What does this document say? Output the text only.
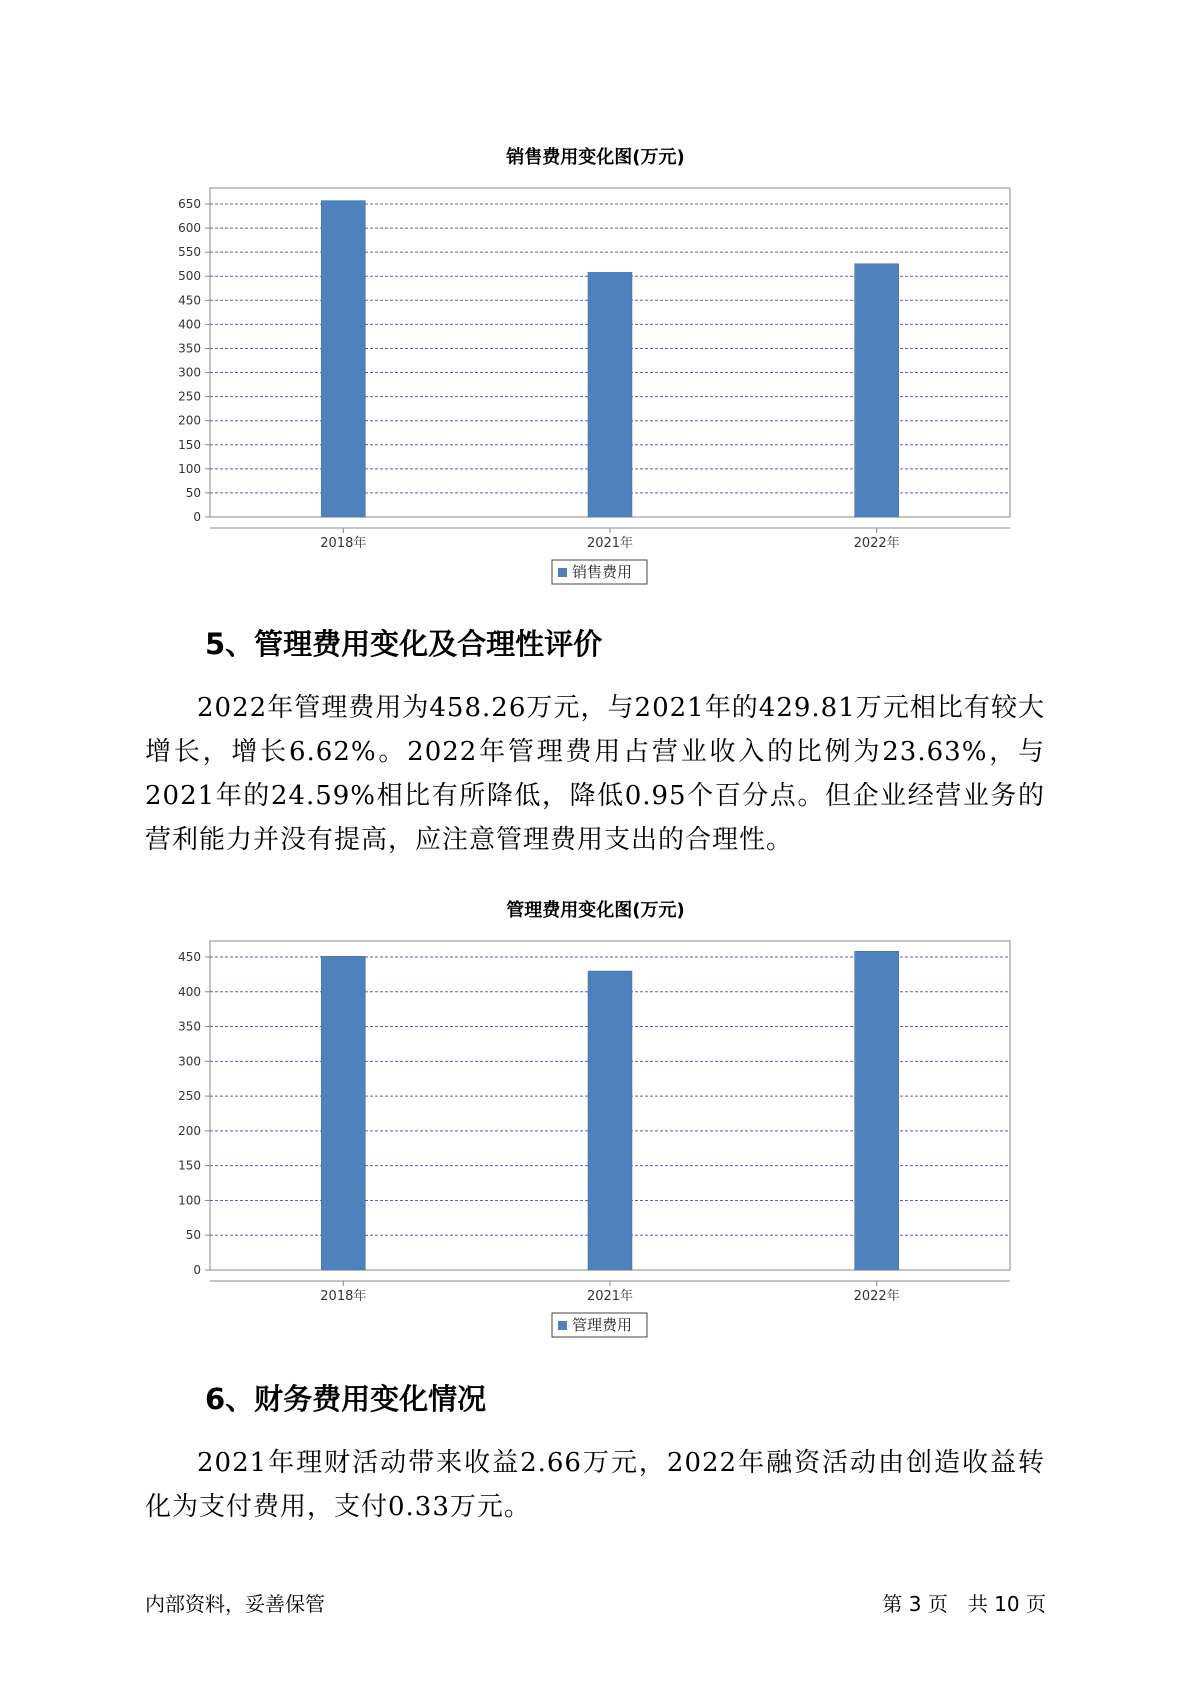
销售费用变化图(万元)
0
50
100
150
200
250
300
350
400
450
500
550
600
650
2018年	2021年	2022年
销售费用
5、管理费用变化及合理性评价
2022年管理费用为458.26万元，与2021年的429.81万元相比有较大增长，增长6.62%。2022年管理费用占营业收入的比例为23.63%，与2021年的24.59%相比有所降低，降低0.95个百分点。但企业经营业务的营利能力并没有提高，应注意管理费用支出的合理性。
管理费用变化图(万元)
0
50
100
150
200
250
300
350
400
450
2018年	2021年	2022年
管理费用
6、财务费用变化情况
2021年理财活动带来收益2.66万元，2022年融资活动由创造收益转化为支付费用，支付0.33万元。
内部资料，妥善保管	第 3 页 共 10 页
